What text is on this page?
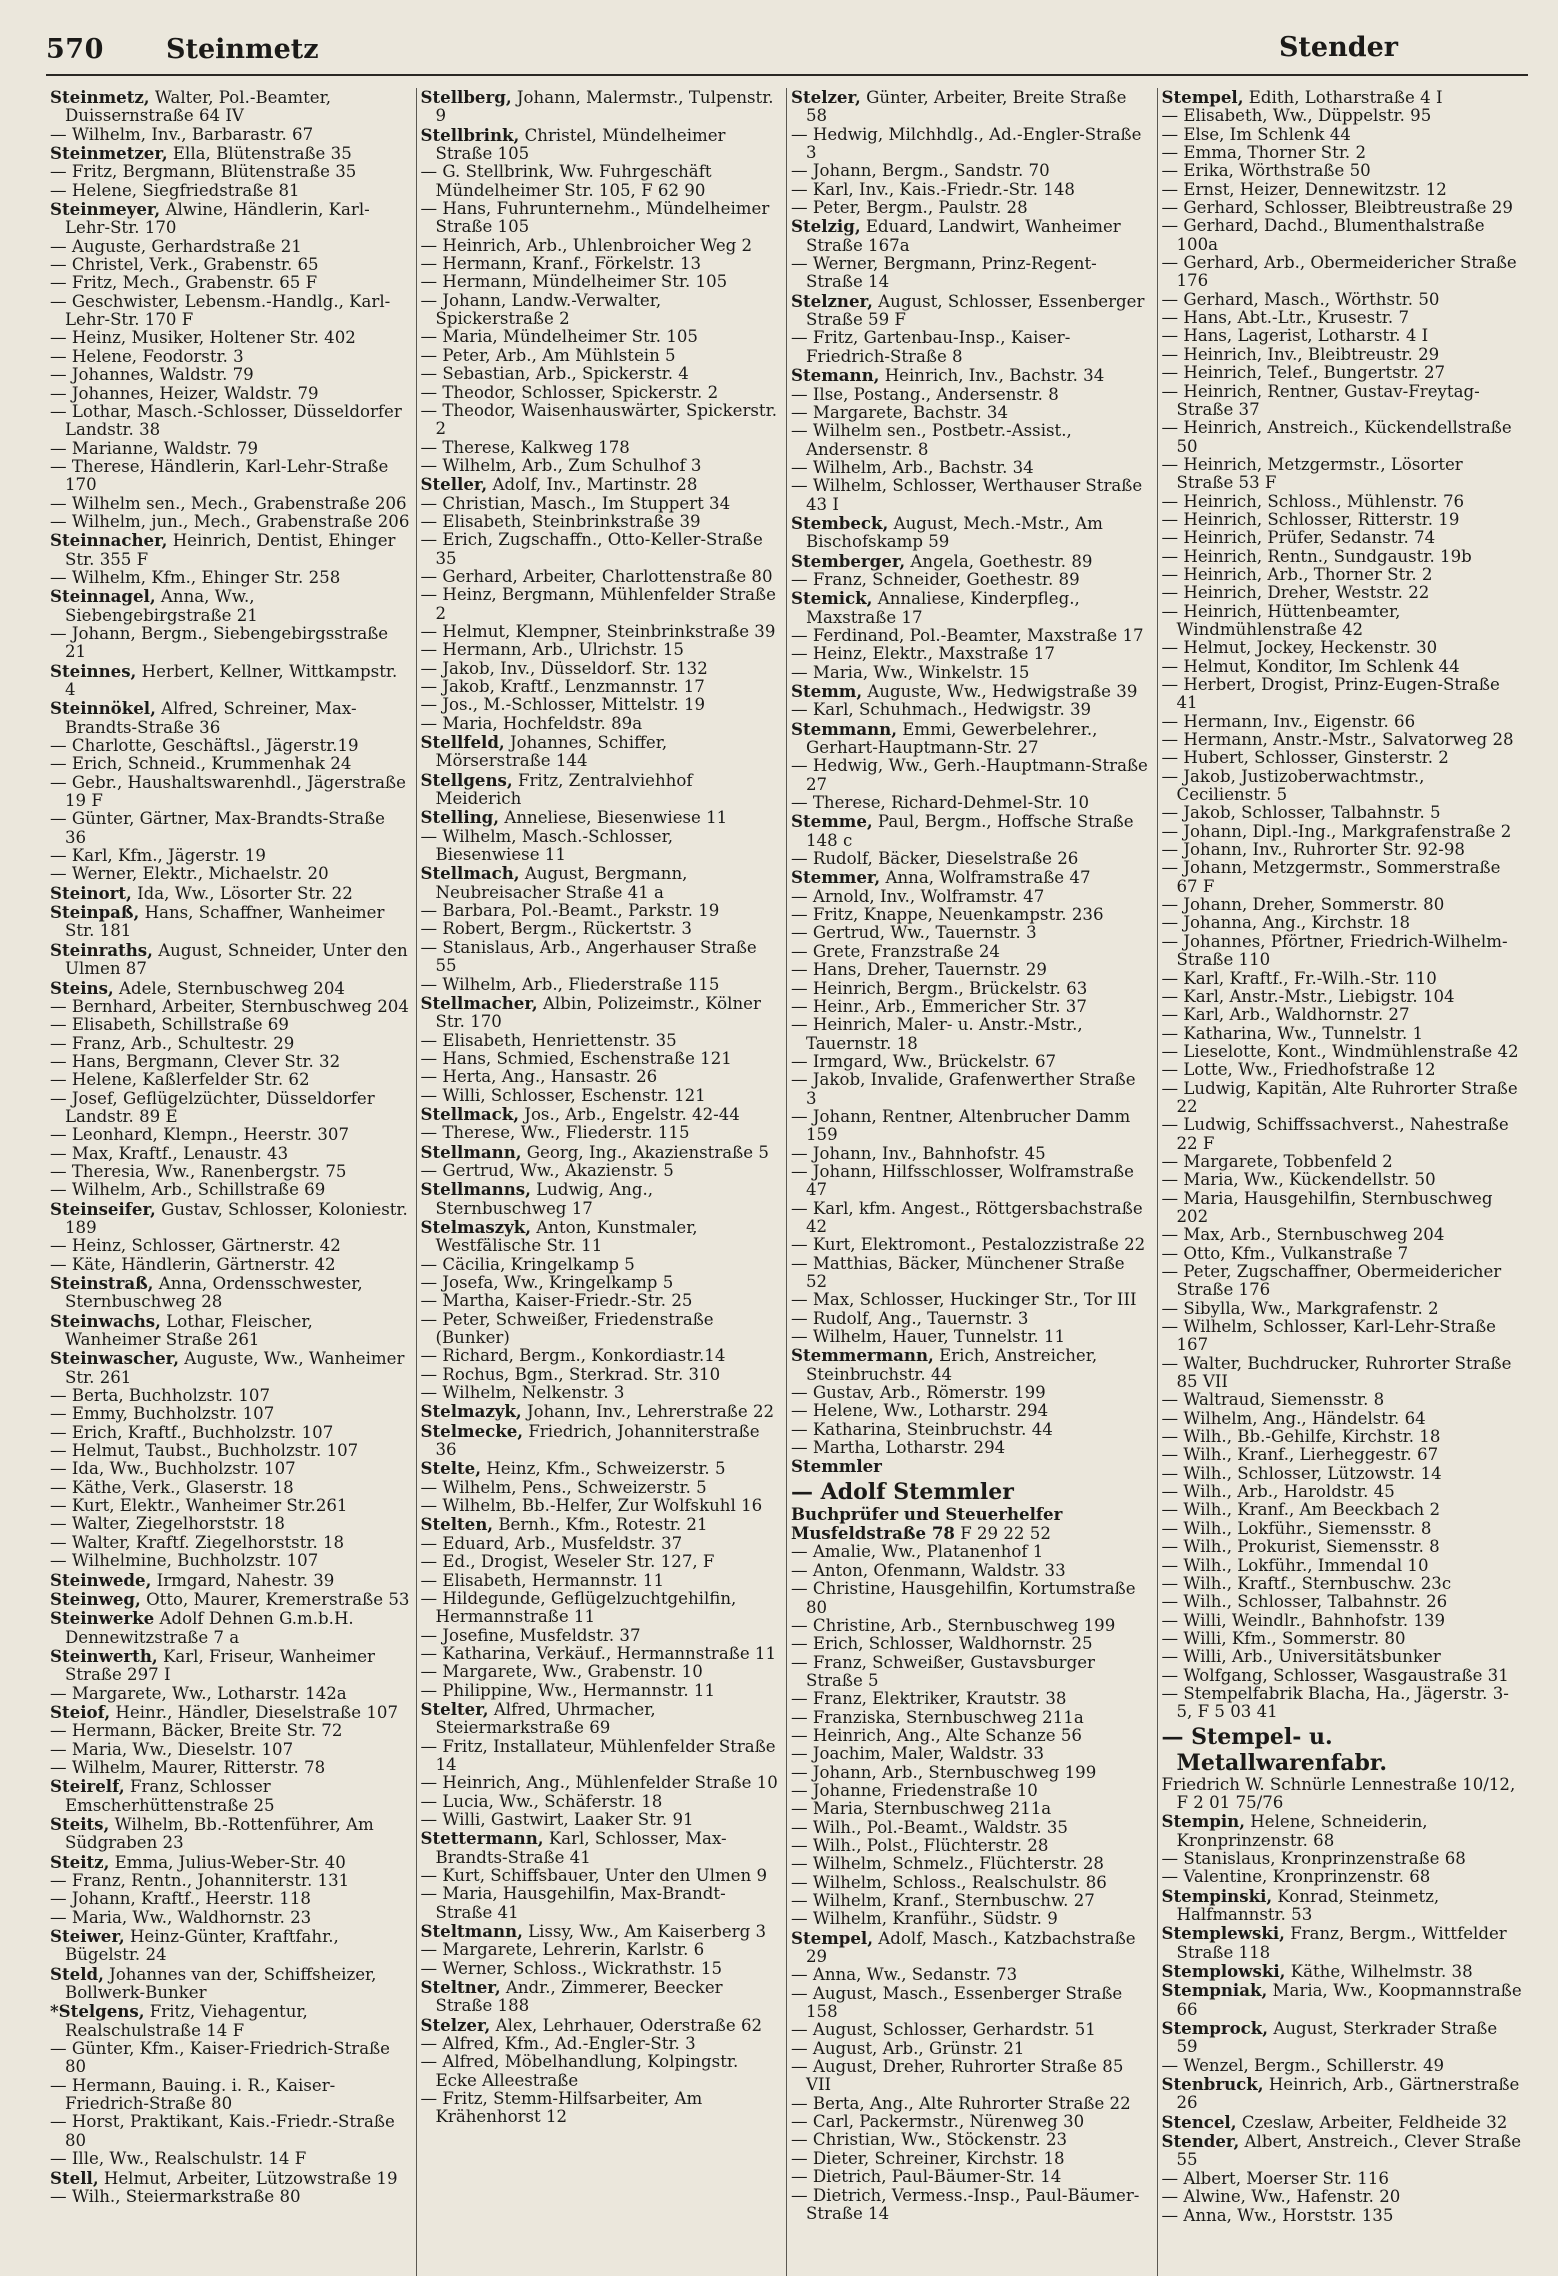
570 Steinmetz	Stender

Steinmetz, Walter, Pol.-Beamter, Duissernstraße 64 IV

— Wilhelm, Inv., Barbarastr. 67

Steinmetzer, Ella, Blütenstraße 35

— Fritz, Bergmann, Blütenstraße 35

— Helene, Siegfriedstraße 81

Steinmeyer, Alwine, Händlerin, Karl-Lehr-Str. 170

— Auguste, Gerhardstraße 21

— Christel, Verk., Grabenstr. 65

— Fritz, Mech., Grabenstr. 65 F

— Geschwister, Lebensm.-Handlg., Karl-Lehr-Str. 170 F

— Heinz, Musiker, Holtener Str. 402

— Helene, Feodorstr. 3

— Johannes, Waldstr. 79

— Johannes, Heizer, Waldstr. 79

— Lothar, Masch.-Schlosser, Düsseldorfer Landstr. 38

— Marianne, Waldstr. 79

— Therese, Händlerin, Karl-Lehr-Straße 170

— Wilhelm sen., Mech., Grabenstraße 206

— Wilhelm, jun., Mech., Grabenstraße 206

Steinnacher, Heinrich, Dentist, Ehinger Str. 355 F

— Wilhelm, Kfm., Ehinger Str. 258

Steinnagel, Anna, Ww., Siebengebirgstraße 21

— Johann, Bergm., Siebengebirgsstraße 21

Steinnes, Herbert, Kellner, Wittkampstr. 4

Steinnökel, Alfred, Schreiner, Max-Brandts-Straße 36

— Charlotte, Geschäftsl., Jägerstr.19

— Erich, Schneid., Krummenhak 24

— Gebr., Haushaltswarenhdl., Jägerstraße 19 F

— Günter, Gärtner, Max-Brandts-Straße 36

— Karl, Kfm., Jägerstr. 19

— Werner, Elektr., Michaelstr. 20

Steinort, Ida, Ww., Lösorter Str. 22

Steinpaß, Hans, Schaffner, Wanheimer Str. 181

Steinraths, August, Schneider, Unter den Ulmen 87

Steins, Adele, Sternbuschweg 204

— Bernhard, Arbeiter, Sternbuschweg 204

— Elisabeth, Schillstraße 69

— Franz, Arb., Schultestr. 29

— Hans, Bergmann, Clever Str. 32

— Helene, Kaßlerfelder Str. 62

— Josef, Geflügelzüchter, Düsseldorfer Landstr. 89 E

— Leonhard, Klempn., Heerstr. 307

— Max, Kraftf., Lenaustr. 43

— Theresia, Ww., Ranenbergstr. 75

— Wilhelm, Arb., Schillstraße 69

Steinseifer, Gustav, Schlosser, Koloniestr. 189

— Heinz, Schlosser, Gärtnerstr. 42

— Käte, Händlerin, Gärtnerstr. 42

Steinstraß, Anna, Ordensschwester, Sternbuschweg 28

Steinwachs, Lothar, Fleischer, Wanheimer Straße 261

Steinwascher, Auguste, Ww., Wanheimer Str. 261

— Berta, Buchholzstr. 107

— Emmy, Buchholzstr. 107

— Erich, Kraftf., Buchholzstr. 107

— Helmut, Taubst., Buchholzstr. 107

— Ida, Ww., Buchholzstr. 107

— Käthe, Verk., Glaserstr. 18

— Kurt, Elektr., Wanheimer Str.261

— Walter, Ziegelhorststr. 18

— Walter, Kraftf. Ziegelhorststr. 18

— Wilhelmine, Buchholzstr. 107

Steinwede, Irmgard, Nahestr. 39

Steinweg, Otto, Maurer, Kremerstraße 53

Steinwerke Adolf Dehnen G.m.b.H. Dennewitzstraße 7 a

Steinwerth, Karl, Friseur, Wanheimer Straße 297 I

— Margarete, Ww., Lotharstr. 142a

Steiof, Heinr., Händler, Dieselstraße 107

— Hermann, Bäcker, Breite Str. 72

— Maria, Ww., Dieselstr. 107

— Wilhelm, Maurer, Ritterstr. 78

Steirelf, Franz, Schlosser Emscherhüttenstraße 25

Steits, Wilhelm, Bb.-Rottenführer, Am Südgraben 23

Steitz, Emma, Julius-Weber-Str. 40

— Franz, Rentn., Johanniterstr. 131

— Johann, Kraftf., Heerstr. 118

— Maria, Ww., Waldhornstr. 23

Steiwer, Heinz-Günter, Kraftfahr., Bügelstr. 24

Steld, Johannes van der, Schiffsheizer, Bollwerk-Bunker

*Stelgens, Fritz, Viehagentur, Realschulstraße 14 F

— Günter, Kfm., Kaiser-Friedrich-Straße 80

— Hermann, Bauing. i. R., Kaiser-Friedrich-Straße 80

— Horst, Praktikant, Kais.-Friedr.-Straße 80

— Ille, Ww., Realschulstr. 14 F

Stell, Helmut, Arbeiter, Lützowstraße 19

— Wilh., Steiermarkstraße 80

Stellberg, Johann, Malermstr., Tulpenstr. 9

Stellbrink, Christel, Mündelheimer Straße 105

— G. Stellbrink, Ww. Fuhrgeschäft Mündelheimer Str. 105, F 62 90

— Hans, Fuhrunternehm., Mündelheimer Straße 105

— Heinrich, Arb., Uhlenbroicher Weg 2

— Hermann, Kranf., Förkelstr. 13

— Hermann, Mündelheimer Str. 105

— Johann, Landw.-Verwalter, Spickerstraße 2

— Maria, Mündelheimer Str. 105

— Peter, Arb., Am Mühlstein 5

— Sebastian, Arb., Spickerstr. 4

— Theodor, Schlosser, Spickerstr. 2

— Theodor, Waisenhauswärter, Spickerstr. 2

— Therese, Kalkweg 178

— Wilhelm, Arb., Zum Schulhof 3

Steller, Adolf, Inv., Martinstr. 28

— Christian, Masch., Im Stuppert 34

— Elisabeth, Steinbrinkstraße 39

— Erich, Zugschaffn., Otto-Keller-Straße 35

— Gerhard, Arbeiter, Charlottenstraße 80

— Heinz, Bergmann, Mühlenfelder Straße 2

— Helmut, Klempner, Steinbrinkstraße 39

— Hermann, Arb., Ulrichstr. 15

— Jakob, Inv., Düsseldorf. Str. 132

— Jakob, Kraftf., Lenzmannstr. 17

— Jos., M.-Schlosser, Mittelstr. 19

— Maria, Hochfeldstr. 89a

Stellfeld, Johannes, Schiffer, Mörserstraße 144

Stellgens, Fritz, Zentralviehhof Meiderich

Stelling, Anneliese, Biesenwiese 11

— Wilhelm, Masch.-Schlosser, Biesenwiese 11

Stellmach, August, Bergmann, Neubreisacher Straße 41 a

— Barbara, Pol.-Beamt., Parkstr. 19

— Robert, Bergm., Rückertstr. 3

— Stanislaus, Arb., Angerhauser Straße 55

— Wilhelm, Arb., Fliederstraße 115

Stellmacher, Albin, Polizeimstr., Kölner Str. 170

— Elisabeth, Henriettenstr. 35

— Hans, Schmied, Eschenstraße 121

— Herta, Ang., Hansastr. 26

— Willi, Schlosser, Eschenstr. 121

Stellmack, Jos., Arb., Engelstr. 42-44

— Therese, Ww., Fliederstr. 115

Stellmann, Georg, Ing., Akazienstraße 5

— Gertrud, Ww., Akazienstr. 5

Stellmanns, Ludwig, Ang., Sternbuschweg 17

Stelmaszyk, Anton, Kunstmaler, Westfälische Str. 11

— Cäcilia, Kringelkamp 5

— Josefa, Ww., Kringelkamp 5

— Martha, Kaiser-Friedr.-Str. 25

— Peter, Schweißer, Friedenstraße (Bunker)

— Richard, Bergm., Konkordiastr.14

— Rochus, Bgm., Sterkrad. Str. 310

— Wilhelm, Nelkenstr. 3

Stelmazyk, Johann, Inv., Lehrerstraße 22

Stelmecke, Friedrich, Johanniterstraße 36

Stelte, Heinz, Kfm., Schweizerstr. 5

— Wilhelm, Pens., Schweizerstr. 5

— Wilhelm, Bb.-Helfer, Zur Wolfskuhl 16

Stelten, Bernh., Kfm., Rotestr. 21

— Eduard, Arb., Musfeldstr. 37

— Ed., Drogist, Weseler Str. 127, F

— Elisabeth, Hermannstr. 11

— Hildegunde, Geflügelzuchtgehilfin, Hermannstraße 11

— Josefine, Musfeldstr. 37

— Katharina, Verkäuf., Hermannstraße 11

— Margarete, Ww., Grabenstr. 10

— Philippine, Ww., Hermannstr. 11

Stelter, Alfred, Uhrmacher, Steiermarkstraße 69

— Fritz, Installateur, Mühlenfelder Straße 14

— Heinrich, Ang., Mühlenfelder Straße 10

— Lucia, Ww., Schäferstr. 18

— Willi, Gastwirt, Laaker Str. 91

Stettermann, Karl, Schlosser, Max-Brandts-Straße 41

— Kurt, Schiffsbauer, Unter den Ulmen 9

— Maria, Hausgehilfin, Max-Brandt-Straße 41

Steltmann, Lissy, Ww., Am Kaiserberg 3

— Margarete, Lehrerin, Karlstr. 6

— Werner, Schloss., Wickrathstr. 15

Steltner, Andr., Zimmerer, Beecker Straße 188

Stelzer, Alex, Lehrhauer, Oderstraße 62

— Alfred, Kfm., Ad.-Engler-Str. 3

— Alfred, Möbelhandlung, Kolpingstr. Ecke Alleestraße

— Fritz, Stemm-Hilfsarbeiter, Am Krähenhorst 12

Stelzer, Günter, Arbeiter, Breite Straße 58

— Hedwig, Milchhdlg., Ad.-Engler-Straße 3

— Johann, Bergm., Sandstr. 70

— Karl, Inv., Kais.-Friedr.-Str. 148

— Peter, Bergm., Paulstr. 28

Stelzig, Eduard, Landwirt, Wanheimer Straße 167a

— Werner, Bergmann, Prinz-Regent-Straße 14

Stelzner, August, Schlosser, Essenberger Straße 59 F

— Fritz, Gartenbau-Insp., Kaiser-Friedrich-Straße 8

Stemann, Heinrich, Inv., Bachstr. 34

— Ilse, Postang., Andersenstr. 8

— Margarete, Bachstr. 34

— Wilhelm sen., Postbetr.-Assist., Andersenstr. 8

— Wilhelm, Arb., Bachstr. 34

— Wilhelm, Schlosser, Werthauser Straße 43 I

Stembeck, August, Mech.-Mstr., Am Bischofskamp 59

Stemberger, Angela, Goethestr. 89

— Franz, Schneider, Goethestr. 89

Stemick, Annaliese, Kinderpfleg., Maxstraße 17

— Ferdinand, Pol.-Beamter, Maxstraße 17

— Heinz, Elektr., Maxstraße 17

— Maria, Ww., Winkelstr. 15

Stemm, Auguste, Ww., Hedwigstraße 39

— Karl, Schuhmach., Hedwigstr. 39

Stemmann, Emmi, Gewerbelehrer., Gerhart-Hauptmann-Str. 27

— Hedwig, Ww., Gerh.-Hauptmann-Straße 27

— Therese, Richard-Dehmel-Str. 10

Stemme, Paul, Bergm., Hoffsche Straße 148 c

— Rudolf, Bäcker, Dieselstraße 26

Stemmer, Anna, Wolframstraße 47

— Arnold, Inv., Wolframstr. 47

— Fritz, Knappe, Neuenkampstr. 236

— Gertrud, Ww., Tauernstr. 3

— Grete, Franzstraße 24

— Hans, Dreher, Tauernstr. 29

— Heinrich, Bergm., Brückelstr. 63

— Heinr., Arb., Emmericher Str. 37

— Heinrich, Maler- u. Anstr.-Mstr., Tauernstr. 18

— Irmgard, Ww., Brückelstr. 67

— Jakob, Invalide, Grafenwerther Straße 3

— Johann, Rentner, Altenbrucher Damm 159

— Johann, Inv., Bahnhofstr. 45

— Johann, Hilfsschlosser, Wolframstraße 47

— Karl, kfm. Angest., Röttgersbachstraße 42

— Kurt, Elektromont., Pestalozzistraße 22

— Matthias, Bäcker, Münchener Straße 52

— Max, Schlosser, Huckinger Str., Tor III

— Rudolf, Ang., Tauernstr. 3

— Wilhelm, Hauer, Tunnelstr. 11

Stemmermann, Erich, Anstreicher, Steinbruchstr. 44

— Gustav, Arb., Römerstr. 199

— Helene, Ww., Lotharstr. 294

— Katharina, Steinbruchstr. 44

— Martha, Lotharstr. 294

Stemmler

— Adolf Stemmler

Buchprüfer und Steuerhelfer

Musfeldstraße 78 F 29 22 52

— Amalie, Ww., Platanenhof 1

— Anton, Ofenmann, Waldstr. 33

— Christine, Hausgehilfin, Kortumstraße 80

— Christine, Arb., Sternbuschweg 199

— Erich, Schlosser, Waldhornstr. 25

— Franz, Schweißer, Gustavsburger Straße 5

— Franz, Elektriker, Krautstr. 38

— Franziska, Sternbuschweg 211a

— Heinrich, Ang., Alte Schanze 56

— Joachim, Maler, Waldstr. 33

— Johann, Arb., Sternbuschweg 199

— Johanne, Friedenstraße 10

— Maria, Sternbuschweg 211a

— Wilh., Pol.-Beamt., Waldstr. 35

— Wilh., Polst., Flüchterstr. 28

— Wilhelm, Schmelz., Flüchterstr. 28

— Wilhelm, Schloss., Realschulstr. 86

— Wilhelm, Kranf., Sternbuschw. 27

— Wilhelm, Kranführ., Südstr. 9

Stempel, Adolf, Masch., Katzbachstraße 29

— Anna, Ww., Sedanstr. 73

— August, Masch., Essenberger Straße 158

— August, Schlosser, Gerhardstr. 51

— August, Arb., Grünstr. 21

— August, Dreher, Ruhrorter Straße 85 VII

— Berta, Ang., Alte Ruhrorter Straße 22

— Carl, Packermstr., Nürenweg 30

— Christian, Ww., Stöckenstr. 23

— Dieter, Schreiner, Kirchstr. 18

— Dietrich, Paul-Bäumer-Str. 14

— Dietrich, Vermess.-Insp., Paul-Bäumer-Straße 14

Stempel, Edith, Lotharstraße 4 I

— Elisabeth, Ww., Düppelstr. 95

— Else, Im Schlenk 44

— Emma, Thorner Str. 2

— Erika, Wörthstraße 50

— Ernst, Heizer, Dennewitzstr. 12

— Gerhard, Schlosser, Bleibtreustraße 29

— Gerhard, Dachd., Blumenthalstraße 100a

— Gerhard, Arb., Obermeidericher Straße 176

— Gerhard, Masch., Wörthstr. 50

— Hans, Abt.-Ltr., Krusestr. 7

— Hans, Lagerist, Lotharstr. 4 I

— Heinrich, Inv., Bleibtreustr. 29

— Heinrich, Telef., Bungertstr. 27

— Heinrich, Rentner, Gustav-Freytag-Straße 37

— Heinrich, Anstreich., Kückendellstraße 50

— Heinrich, Metzgermstr., Lösorter Straße 53 F

— Heinrich, Schloss., Mühlenstr. 76

— Heinrich, Schlosser, Ritterstr. 19

— Heinrich, Prüfer, Sedanstr. 74

— Heinrich, Rentn., Sundgaustr. 19b

— Heinrich, Arb., Thorner Str. 2

— Heinrich, Dreher, Weststr. 22

— Heinrich, Hüttenbeamter, Windmühlenstraße 42

— Helmut, Jockey, Heckenstr. 30

— Helmut, Konditor, Im Schlenk 44

— Herbert, Drogist, Prinz-Eugen-Straße 41

— Hermann, Inv., Eigenstr. 66

— Hermann, Anstr.-Mstr., Salvatorweg 28

— Hubert, Schlosser, Ginsterstr. 2

— Jakob, Justizoberwachtmstr., Cecilienstr. 5

— Jakob, Schlosser, Talbahnstr. 5

— Johann, Dipl.-Ing., Markgrafenstraße 2

— Johann, Inv., Ruhrorter Str. 92-98

— Johann, Metzgermstr., Sommerstraße 67 F

— Johann, Dreher, Sommerstr. 80

— Johanna, Ang., Kirchstr. 18

— Johannes, Pförtner, Friedrich-Wilhelm-Straße 110

— Karl, Kraftf., Fr.-Wilh.-Str. 110

— Karl, Anstr.-Mstr., Liebigstr. 104

— Karl, Arb., Waldhornstr. 27

— Katharina, Ww., Tunnelstr. 1

— Lieselotte, Kont., Windmühlenstraße 42

— Lotte, Ww., Friedhofstraße 12

— Ludwig, Kapitän, Alte Ruhrorter Straße 22

— Ludwig, Schiffssachverst., Nahestraße 22 F

— Margarete, Tobbenfeld 2

— Maria, Ww., Kückendellstr. 50

— Maria, Hausgehilfin, Sternbuschweg 202

— Max, Arb., Sternbuschweg 204

— Otto, Kfm., Vulkanstraße 7

— Peter, Zugschaffner, Obermeidericher Straße 176

— Sibylla, Ww., Markgrafenstr. 2

— Wilhelm, Schlosser, Karl-Lehr-Straße 167

— Walter, Buchdrucker, Ruhrorter Straße 85 VII

— Waltraud, Siemensstr. 8

— Wilhelm, Ang., Händelstr. 64

— Wilh., Bb.-Gehilfe, Kirchstr. 18

— Wilh., Kranf., Lierheggestr. 67

— Wilh., Schlosser, Lützowstr. 14

— Wilh., Arb., Haroldstr. 45

— Wilh., Kranf., Am Beeckbach 2

— Wilh., Lokführ., Siemensstr. 8

— Wilh., Prokurist, Siemensstr. 8

— Wilh., Lokführ., Immendal 10

— Wilh., Kraftf., Sternbuschw. 23c

— Wilh., Schlosser, Talbahnstr. 26

— Willi, Weindlr., Bahnhofstr. 139

— Willi, Kfm., Sommerstr. 80

— Willi, Arb., Universitätsbunker

— Wolfgang, Schlosser, Wasgaustraße 31

— Stempelfabrik Blacha, Ha., Jägerstr. 3-5, F 5 03 41

— Stempel- u. Metallwarenfabr.

Friedrich W. Schnürle Lennestraße 10/12, F 2 01 75/76

Stempin, Helene, Schneiderin, Kronprinzenstr. 68

— Stanislaus, Kronprinzenstraße 68

— Valentine, Kronprinzenstr. 68

Stempinski, Konrad, Steinmetz, Halfmannstr. 53

Stemplewski, Franz, Bergm., Wittfelder Straße 118

Stemplowski, Käthe, Wilhelmstr. 38

Stempniak, Maria, Ww., Koopmannstraße 66

Stemprock, August, Sterkrader Straße 59

— Wenzel, Bergm., Schillerstr. 49

Stenbruck, Heinrich, Arb., Gärtnerstraße 26

Stencel, Czeslaw, Arbeiter, Feldheide 32

Stender, Albert, Anstreich., Clever Straße 55

— Albert, Moerser Str. 116

— Alwine, Ww., Hafenstr. 20

— Anna, Ww., Horststr. 135
